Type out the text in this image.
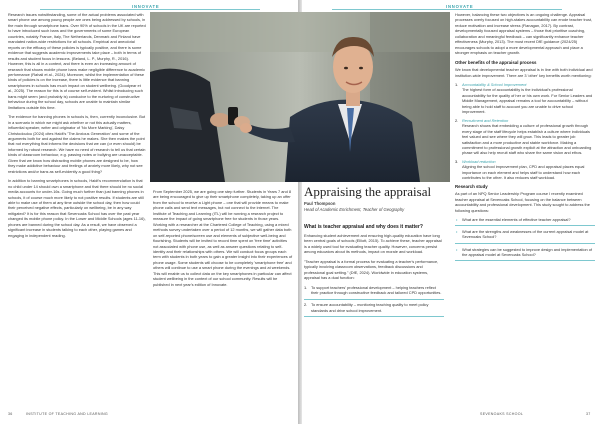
INNOVATE

Research issues notwithstanding, some of the actual problems associated with smart phone use among young people are ones being addressed by schools, in the main through smartphone bans. Over 90% of schools in the UK are reported to have introduced such bans and the governments of some European countries, notably France, Italy, The Netherlands, Denmark and Finland have mandated nation-wide restrictions for all schools. Empirical and anecdotal reports on the efficacy of these policies is typically positive, and there is some evidence that suggests academic improvements take place – both in terms of results and student focus in lessons. (Beland, L. P., Murphy, R., 2016). However, this is all in a context, and there is even an increasing amount of research that shows mobile phone bans make negligible difference to academic performance (Rahali et al., 2024). Moreover, whilst the implementation of these kinds of policies is on the increase, there is little evidence that banning smartphones in schools has much impact on student wellbeing. (Goodyear et al., 2025). The reason for this is of course self-evident. Whilst introducing such bans might seem (and probably is) conducive to the nurturing of constructive behaviour during the school day, schools are unable to maintain similar limitations outside this time.

The evidence for banning phones in schools is, then, currently inconclusive. But in a scenario in which we might ask whether or not this actually matters, influential speaker, writer and originator of 'No More Marking', Daisy Christodoulou (2024) cites Haidt's 'The Anxious Generation' and some of the arguments both for and against the claims he makes. She then makes the point that not everything that informs the decisions that we can (or even should) be informed by robust research. We have no need of research to tell us that certain kinds of classroom behaviour, e.g. passing notes or bullying are unacceptable. Given that we know how distracting mobile phones are designed to be, how they make addictive behaviour and feelings of anxiety more likely, why not see restrictions and/or bans as self-evidently a good thing?

In addition to banning smartphones in schools, Haidt's recommendation is that no child under 14 should own a smartphone and that there should be no social media accounts for under-16s. Going much further than just banning phones in schools, it of course much more likely to not positive results. If students are still able to make use of them at any time outside the school day, then how could their perceived negative effects, particularly on wellbeing, be in any way mitigated? It is for this reason that Sevenoaks School has over the past year changed its mobile phone policy. In the Lower and Middle Schools (ages 11-16), phones are banned during the school day. As a result, we have observed a significant increase in students talking to each other, playing games and engaging in independent reading.

From September 2025, we are going one step further. Students in Years 7 and 8 are being encouraged to give up their smartphone completely, taking up an offer from the school to receive a Light phone – one that will provide means to make phone calls and send text messages, but not connect to the internet. The Institute of Teaching and Learning (ITL) will be running a research project to measure the impact of going smartphone free for students in those years. Working with a researcher at the Chartered College of Teaching, using a mixed methods survey undertaken over a period of 12 months, we will gather data both on self-reported phone/screen use and elements of subjective well-being and flourishing. Students will be invited to record time spent on 'free time' activities not associated with phone use, as well as answer questions relating to self-identity and their relationships with others. We will conduct focus groups each term with students in both years to gain a greater insight into their experiences of phone usage. Some students will choose to be completely 'smartphone free' and others will continue to use a smart phone during the evenings and at weekends. This will enable us to collect data on the key smartphones in particular can affect student wellbeing in the context of our school community. Results will be published in next year's edition of Innovate.

36	INSTITUTE OF TEACHING AND LEARNING
INNOVATE

However, balancing these two objectives is an ongoing challenge. Appraisal processes overly focused on high-stakes accountability can erode teacher trust, reduce motivation and increase stress (Flanagan, 2017). By contrast, developmentally focused appraisal systems – those that prioritise coaching, collaboration and meaningful feedback – can significantly enhance teacher effectiveness (Murphy, 2013). The most recent DfE guidance (2024/25) encourages schools to adopt a more developmental approach and place a stronger emphasis on teacher growth.

Other benefits of the appraisal process

We know that developmental teacher appraisal is in line with both individual and institution-wide improvement. There are 3 'other' key benefits worth mentioning:

1. Accountability & School Improvement
The highest form of accountability is the individual's professional accountability for the quality of her or his own work. For Senior Leaders and Middle Management, appraisal remains a tool for accountability – without being able to hold staff to account you are unable to drive school improvement.
2. Recruitment and Retention
Research shows that embedding a culture of professional growth through every stage of the staff lifecycle helps establish a culture where individuals feel valued and see where they will grow. This leads to greater job satisfaction and a more productive and stable workforce. Making a commitment to professional growth explicit at the attraction and onboarding phase will also help recruit staff who share the same vision and ethos.
3. Workload reduction
Aligning the school improvement plan, CPD and appraisal places equal importance on each element and helps staff to understand how each contributes to the other. It also reduces staff workload.
Research study

As part of an NPQ Senior Leadership Program course I recently examined teacher appraisal at Sevenoaks School, focusing on the balance between accountability and professional development. This study sought to address the following questions:

• What are the essential elements of effective teacher appraisal?
• What are the strengths and weaknesses of the current appraisal model at Sevenoaks School?
• What strategies can be suggested to improve design and implementation of the appraisal model at Sevenoaks School?
Appraising the appraisal
Paul Thompson
Head of Academic Enrichment, Teacher of Geography
What is teacher appraisal and why does it matter?

Enhancing student achievement and ensuring high-quality education have long been central goals of schools (Elliott, 2015). To achieve these, teacher appraisal is a widely used tool for evaluating teacher quality. However, concerns persist among educators about its methods, impact on morale and workload.

"Teacher appraisal is a formal process for evaluating a teacher's performance, typically involving classroom observations, feedback discussions and professional goal setting." (DfE, 2024). Worldwide in education systems, appraisal has a dual function:

1. To support teachers' professional development – helping teachers reflect their practice through constructive feedback and tailored CPD opportunities.
2. To ensure accountability – monitoring teaching quality to meet policy standards and drive school improvement.
SEVENOAKS SCHOOL	37
